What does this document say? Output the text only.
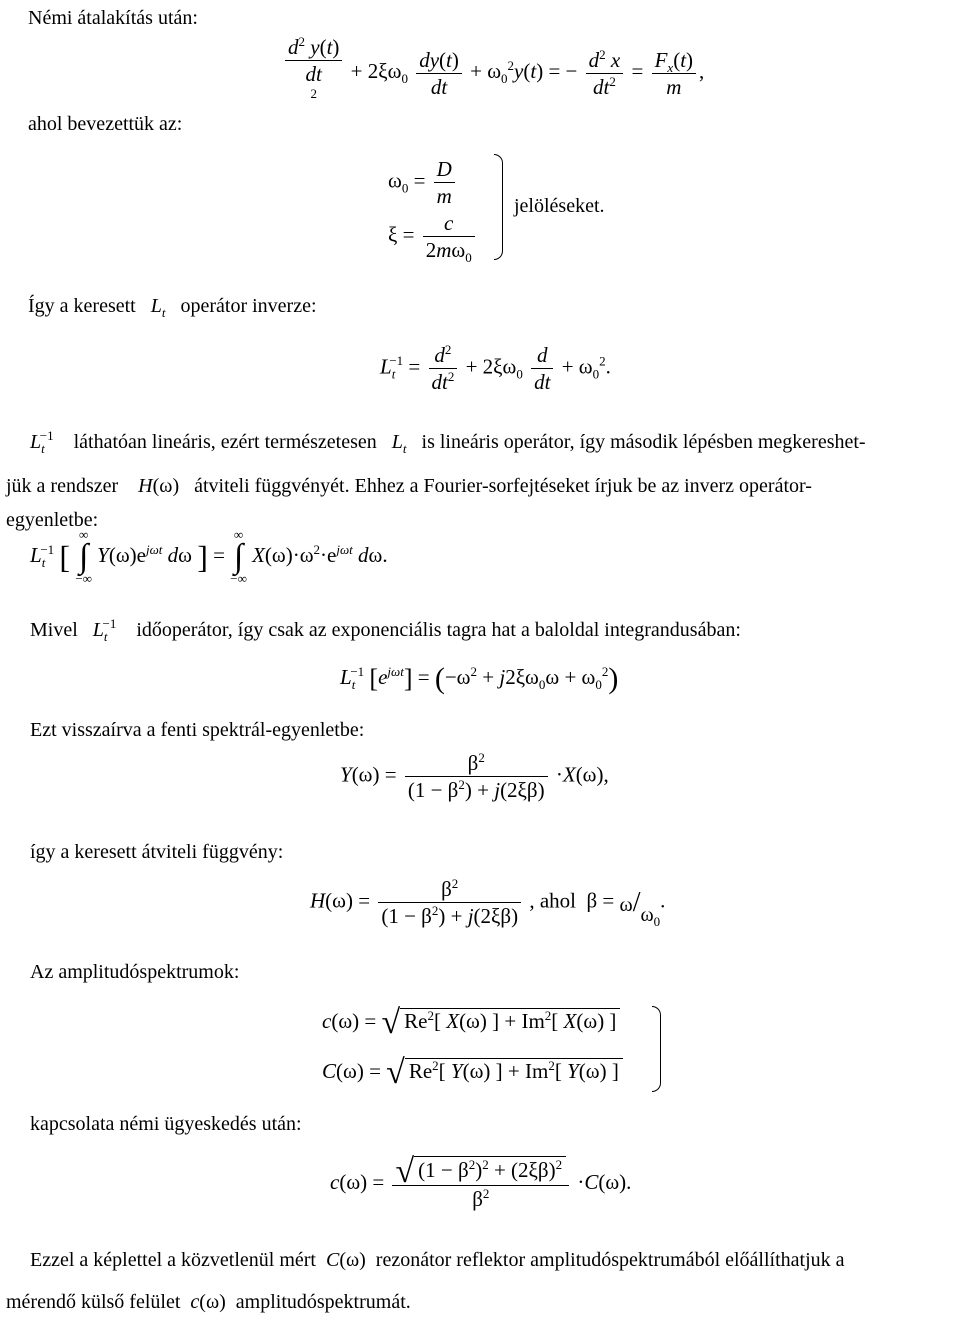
Némi átalakítás után:
$d^2$ y(t)
dt
$^2 + 2\xi\omega_0 \frac{dy(t)}{dt} + \omega_0^2y(t)$ = − $\frac{d^2 x}{dt^2} = \frac{F_x(t)}{m}$ ,
ahol bevezettük az:
$\omega_0 = \frac{D}{m}$
$\xi = \frac{c}{2m\omega_0}$
jelöléseket.
Így a keresett $L_t$ operátor inverze:
$L_t^{-1} = \frac{d^2}{dt^2} + 2\xi\omega_0 \frac{d}{dt} + \omega_0^2$.
$L_t^{-1}$ láthatóan lineáris, ezért természetesen $L_t$ is lineáris operátor, így második lépésben megkereshet-
jük a rendszer H(ω)   átviteli függvényét. Ehhez a Fourier-sorfejtéseket írjuk be az inverz operátor-
egyenletbe:
$L_t^{-1}$ [ ∞
∫
−∞ $Y(\omega)e^{j\omega t}$ dω ] = ∞
∫
−∞ $X(\omega)\cdot\omega^2\cdot e^{j\omega t}$ dω.
Mivel $L_t^{-1}$ időoperátor, így csak az exponenciális tagra hat a baloldal integrandusában:
$L_t^{-1}$ $[e^{j\omega t}] = (-\omega^2 + j2\xi\omega_0\omega + \omega_0^2)$
Ezt visszaírva a fenti spektrál-egyenletbe:
$Y(\omega) = \frac{\beta^2}{(1 - \beta^2) + j(2\xi\beta)} \cdot X(\omega)$,
így a keresett átviteli függvény:
$H(\omega) = \frac{\beta^2}{(1 - \beta^2) + j(2\xi\beta)}$ , ahol  $\beta = \omega/\omega_0$.
Az amplitudóspektrumok:
c(ω) = √ Re$^2$[ X(ω) ] + $Im^2$[ X(ω) ]
C(ω) = √ Re$^2$[ Y(ω) ] + $Im^2$[ Y(ω) ]
kapcsolata némi ügyeskedés után:
$c(\omega) = \frac{√ (1 - \beta^2)^2 + (2\xi\beta)^2}{\beta^2} \cdot C(\omega)$.
Ezzel a képlettel a közvetlenül mért C(ω)  rezonátor reflektor amplitudóspektrumából előállíthatjuk a
mérendő külső felület c(ω)  amplitudóspektrumát.
